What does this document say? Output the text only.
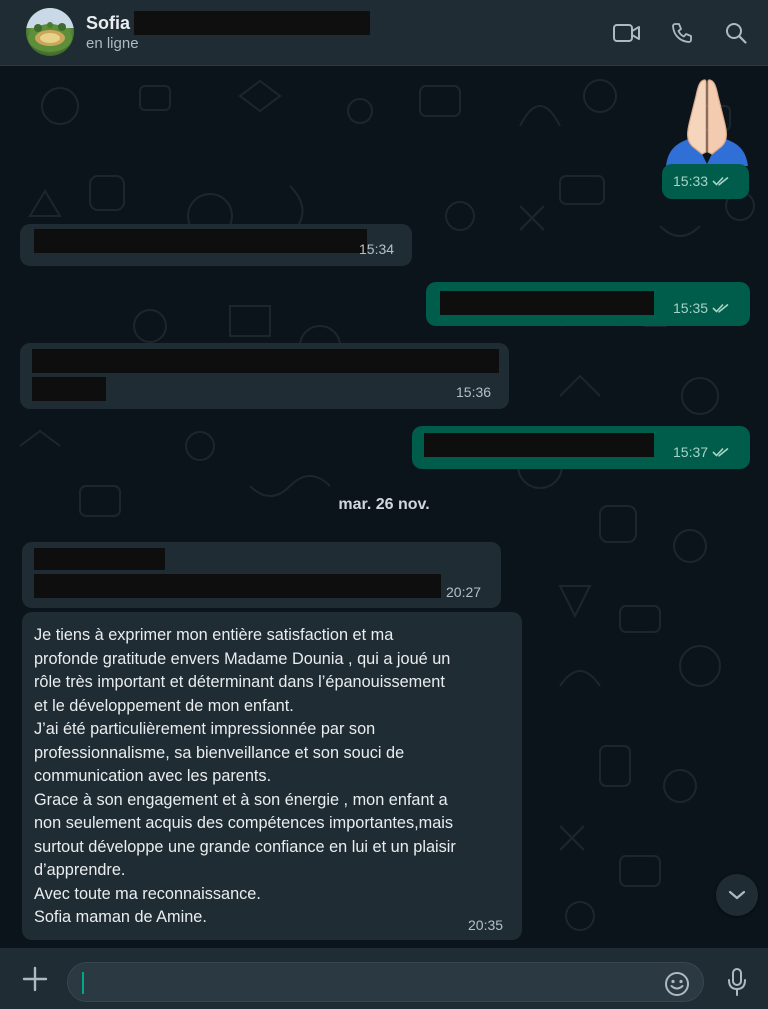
Sofia
en ligne
15:33
15:34
15:35
15:36
15:37
mar. 26 nov.
20:27
Je tiens à exprimer mon entière satisfaction et ma
profonde gratitude envers Madame Dounia , qui a joué un
rôle très important et déterminant dans l’épanouissement
et le développement de mon enfant.
J’ai été particulièrement impressionnée par son
professionnalisme, sa bienveillance et son souci de
communication avec les parents.
Grace à son engagement et à son énergie , mon enfant a
non seulement acquis des compétences importantes,mais
surtout développe une grande confiance en lui et un plaisir
d’apprendre.
Avec toute ma reconnaissance.
Sofia maman de Amine.	20:35
